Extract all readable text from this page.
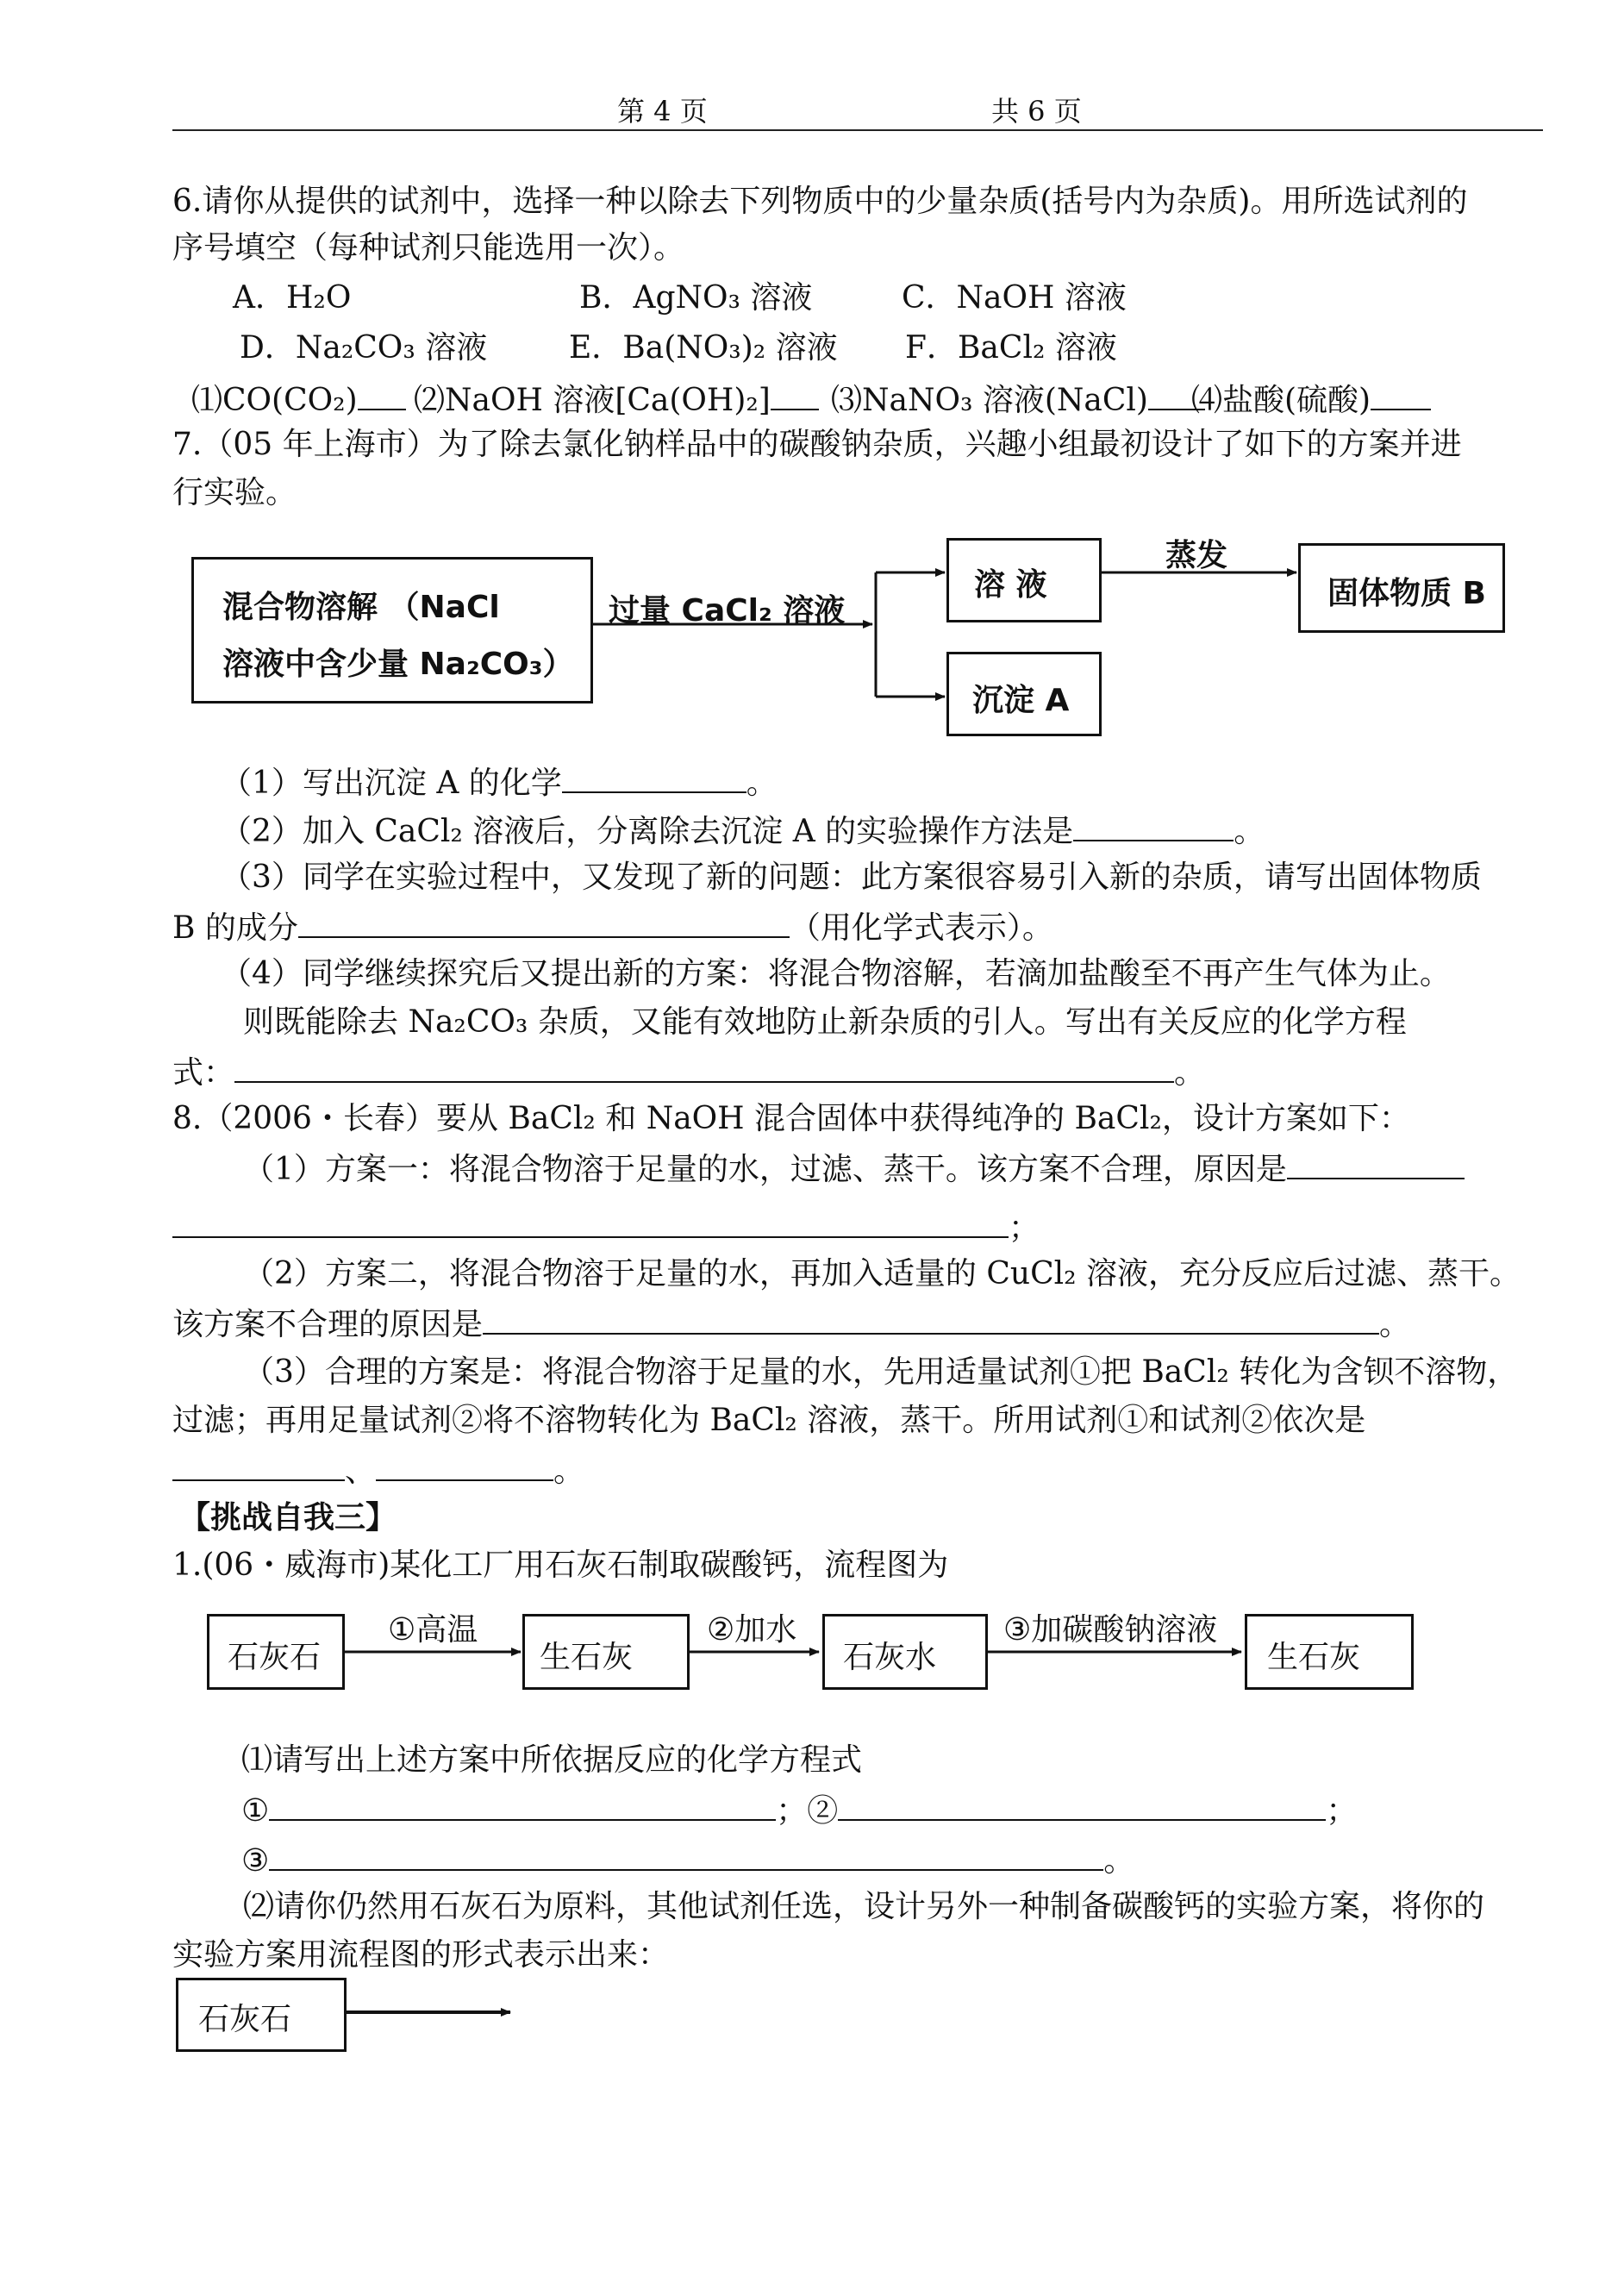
第 4 页	共 6 页
6.请你从提供的试剂中，选择一种以除去下列物质中的少量杂质(括号内为杂质)。用所选试剂的
序号填空（每种试剂只能选用一次）。
A．H₂O	B．AgNO₃ 溶液	C．NaOH 溶液
D．Na₂CO₃ 溶液	E．Ba(NO₃)₂ 溶液 F．BaCl₂ 溶液
⑴CO(CO₂)	⑵NaOH 溶液[Ca(OH)₂]	⑶NaNO₃ 溶液(NaCl)	⑷盐酸(硫酸)
7.（05 年上海市）为了除去氯化钠样品中的碳酸钠杂质，兴趣小组最初设计了如下的方案并进
行实验。
混合物溶解 （NaCl
溶液中含少量 Na₂CO₃）
过量 CaCl₂ 溶液
溶 液
蒸发
固体物质 B
沉淀 A
（1）写出沉淀 A 的化学	。
（2）加入 CaCl₂ 溶液后，分离除去沉淀 A 的实验操作方法是	。
（3）同学在实验过程中，又发现了新的问题：此方案很容易引入新的杂质，请写出固体物质
B 的成分	（用化学式表示）。
（4）同学继续探究后又提出新的方案：将混合物溶解，若滴加盐酸至不再产生气体为止。
则既能除去 Na₂CO₃ 杂质，又能有效地防止新杂质的引人。写出有关反应的化学方程
式：	。
8.（2006・长春）要从 BaCl₂ 和 NaOH 混合固体中获得纯净的 BaCl₂，设计方案如下：
（1）方案一：将混合物溶于足量的水，过滤、蒸干。该方案不合理，原因是
；
（2）方案二，将混合物溶于足量的水，再加入适量的 CuCl₂ 溶液，充分反应后过滤、蒸干。
该方案不合理的原因是	。
（3）合理的方案是：将混合物溶于足量的水，先用适量试剂①把 BaCl₂ 转化为含钡不溶物，
过滤；再用足量试剂②将不溶物转化为 BaCl₂ 溶液，蒸干。所用试剂①和试剂②依次是
、	。
【挑战自我三】
1.(06・威海市)某化工厂用石灰石制取碳酸钙，流程图为
石灰石
①高温
生石灰
②加水
石灰水
③加碳酸钠溶液
生石灰
⑴请写出上述方案中所依据反应的化学方程式
①	；②	；
③	。
⑵请你仍然用石灰石为原料，其他试剂任选，设计另外一种制备碳酸钙的实验方案，将你的
实验方案用流程图的形式表示出来：
石灰石
